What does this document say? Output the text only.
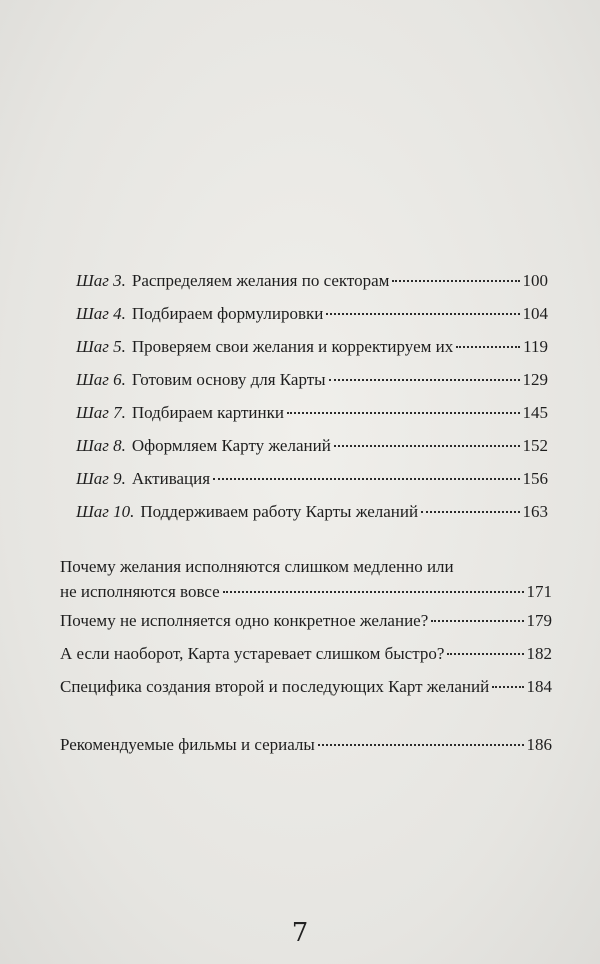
Шаг 3. Распределяем желания по секторам	100
Шаг 4. Подбираем формулировки	104
Шаг 5. Проверяем свои желания и корректируем их	119
Шаг 6. Готовим основу для Карты	129
Шаг 7. Подбираем картинки	145
Шаг 8. Оформляем Карту желаний	152
Шаг 9. Активация	156
Шаг 10. Поддерживаем работу Карты желаний	163
Почему желания исполняются слишком медленно или
не исполняются вовсе	171
Почему не исполняется одно конкретное желание?	179
А если наоборот, Карта устаревает слишком быстро?	182
Специфика создания второй и последующих Карт желаний 184
Рекомендуемые фильмы и сериалы	186
7
